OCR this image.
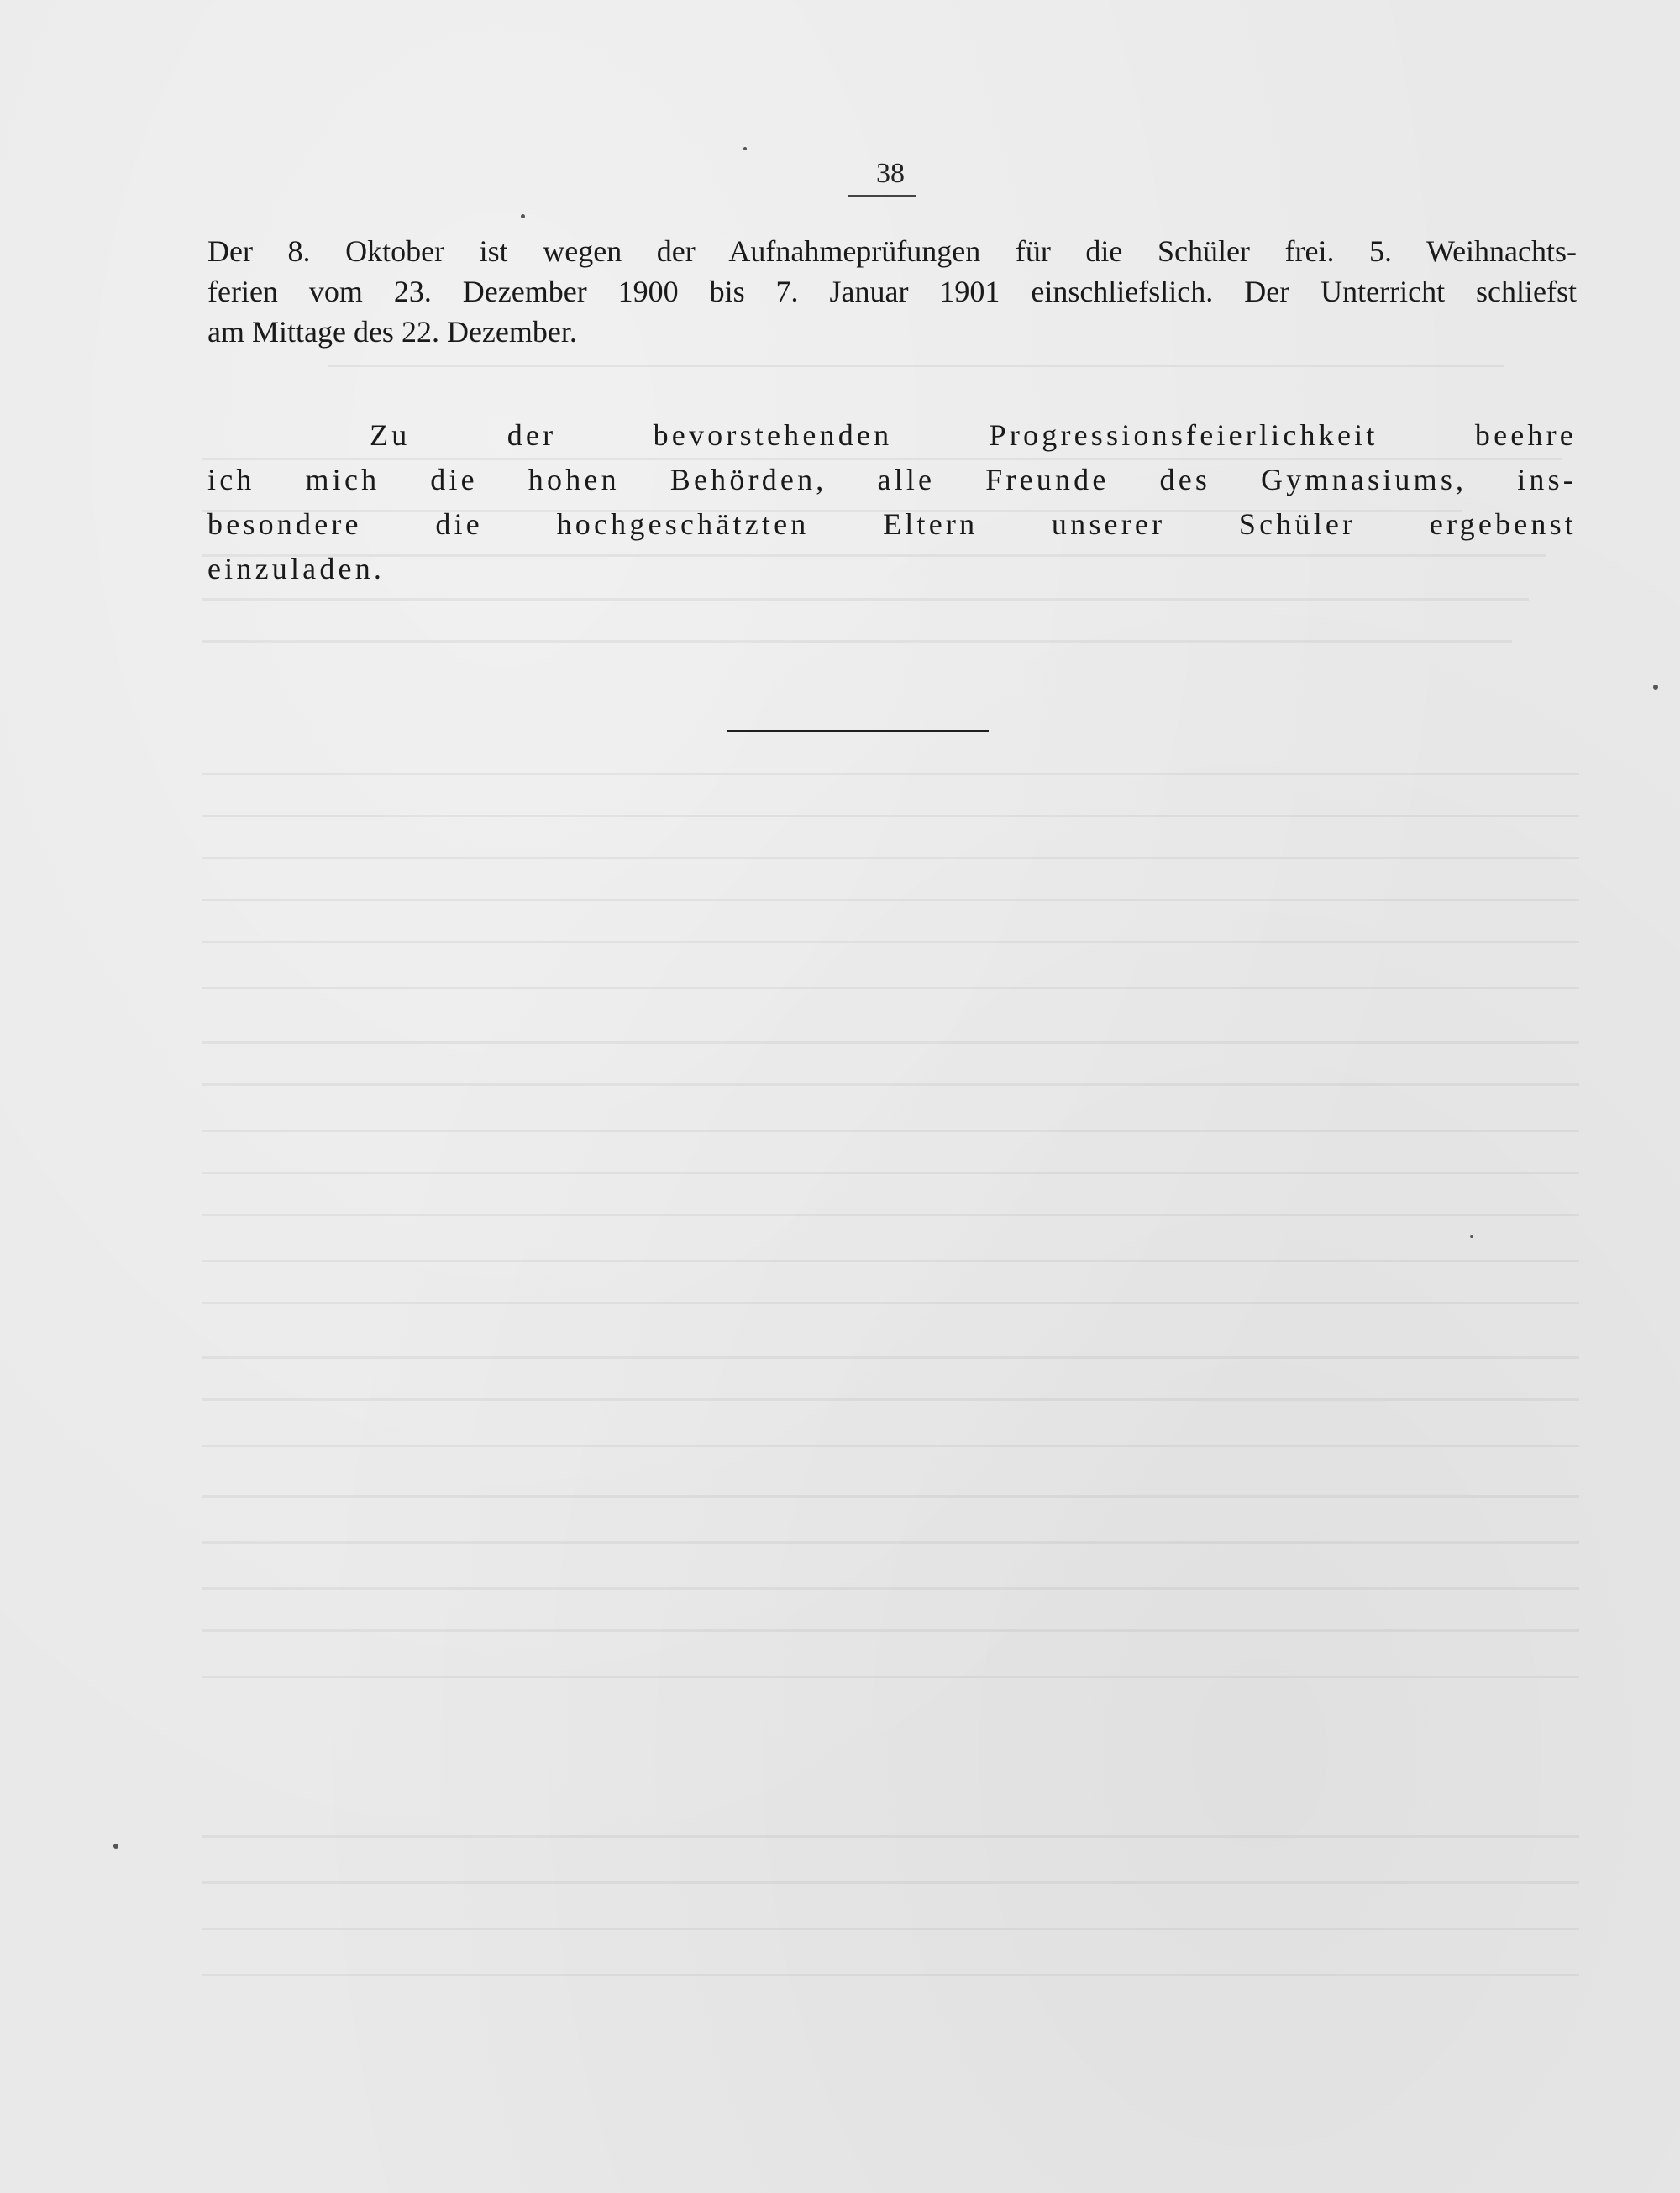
38

Der 8. Oktober ist wegen der Aufnahmeprüfungen für die Schüler frei. 5. Weihnachts-

ferien vom 23. Dezember 1900 bis 7. Januar 1901 einschliefslich. Der Unterricht schliefst

am Mittage des 22. Dezember.

Zu der bevorstehenden Progressionsfeierlichkeit beehre

ich mich die hohen Behörden, alle Freunde des Gymnasiums, ins-

besondere die hochgeschätzten Eltern unserer Schüler ergebenst

einzuladen.
